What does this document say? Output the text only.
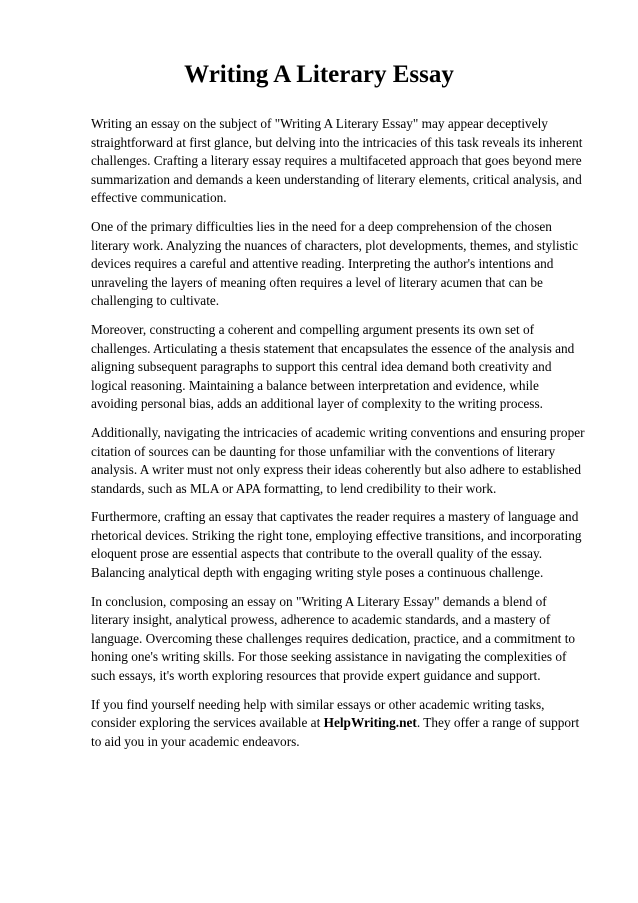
Writing A Literary Essay

Writing an essay on the subject of "Writing A Literary Essay" may appear deceptively straightforward at first glance, but delving into the intricacies of this task reveals its inherent challenges. Crafting a literary essay requires a multifaceted approach that goes beyond mere summarization and demands a keen understanding of literary elements, critical analysis, and effective communication.

One of the primary difficulties lies in the need for a deep comprehension of the chosen literary work. Analyzing the nuances of characters, plot developments, themes, and stylistic devices requires a careful and attentive reading. Interpreting the author's intentions and unraveling the layers of meaning often requires a level of literary acumen that can be challenging to cultivate.

Moreover, constructing a coherent and compelling argument presents its own set of challenges. Articulating a thesis statement that encapsulates the essence of the analysis and aligning subsequent paragraphs to support this central idea demand both creativity and logical reasoning. Maintaining a balance between interpretation and evidence, while avoiding personal bias, adds an additional layer of complexity to the writing process.

Additionally, navigating the intricacies of academic writing conventions and ensuring proper citation of sources can be daunting for those unfamiliar with the conventions of literary analysis. A writer must not only express their ideas coherently but also adhere to established standards, such as MLA or APA formatting, to lend credibility to their work.

Furthermore, crafting an essay that captivates the reader requires a mastery of language and rhetorical devices. Striking the right tone, employing effective transitions, and incorporating eloquent prose are essential aspects that contribute to the overall quality of the essay. Balancing analytical depth with engaging writing style poses a continuous challenge.

In conclusion, composing an essay on "Writing A Literary Essay" demands a blend of literary insight, analytical prowess, adherence to academic standards, and a mastery of language. Overcoming these challenges requires dedication, practice, and a commitment to honing one's writing skills. For those seeking assistance in navigating the complexities of such essays, it's worth exploring resources that provide expert guidance and support.

If you find yourself needing help with similar essays or other academic writing tasks, consider exploring the services available at HelpWriting.net. They offer a range of support to aid you in your academic endeavors.
